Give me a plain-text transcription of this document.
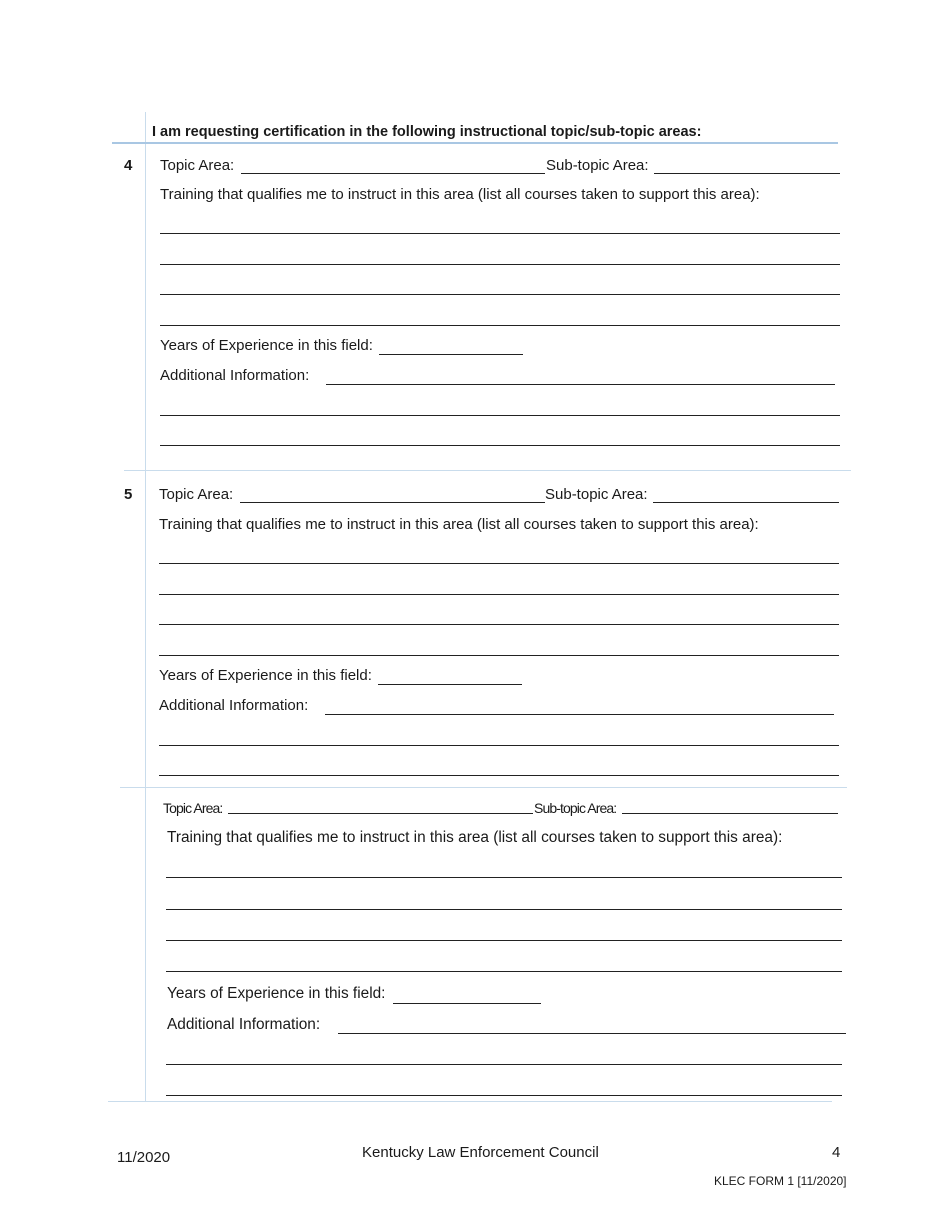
I am requesting certification in the following instructional topic/sub-topic areas:
4 Topic Area:	Sub-topic Area:
Training that qualifies me to instruct in this area (list all courses taken to support this area):
Years of Experience in this field:
Additional Information:
5 Topic Area:	Sub-topic Area:
Training that qualifies me to instruct in this area (list all courses taken to support this area):
Years of Experience in this field:
Additional Information:
Topic Area:	Sub-topic Area:
Training that qualifies me to instruct in this area (list all courses taken to support this area):
Years of Experience in this field:
Additional Information:
11/2020	Kentucky Law Enforcement Council	4
KLEC FORM 1 [11/2020]
